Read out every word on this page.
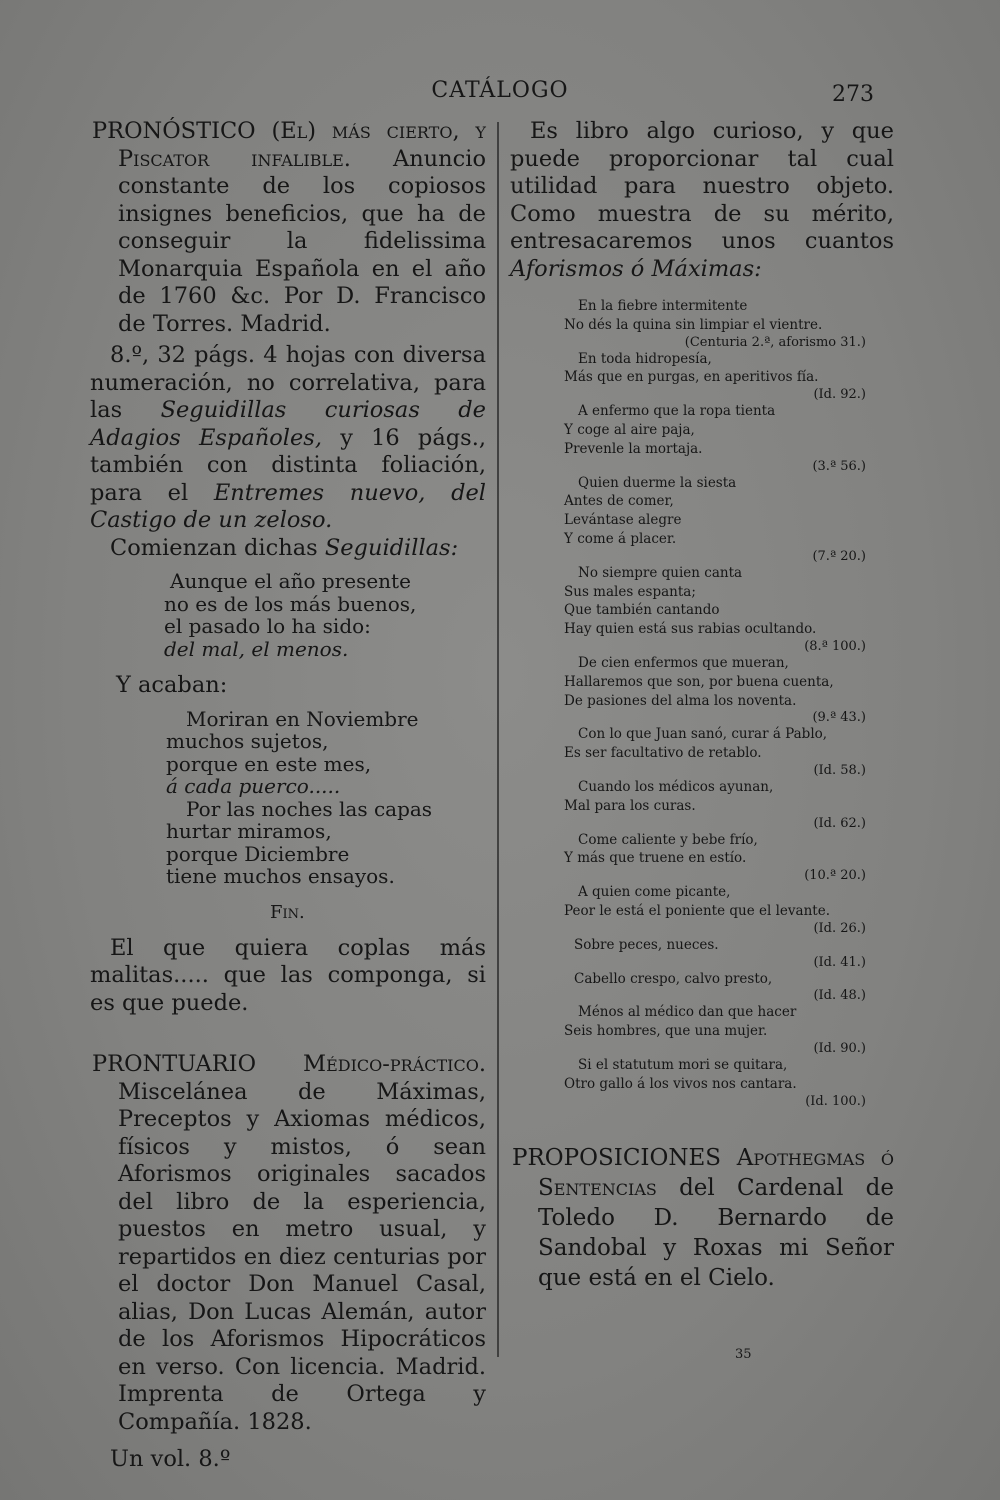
CATÁLOGO	273

PRONÓSTICO (El) más cierto, y Piscator infalible. Anuncio constante de los copiosos insignes beneficios, que ha de conseguir la fidelissima Monarquia Española en el año de 1760 &c. Por D. Francisco de Torres. Madrid.

8.º, 32 págs. 4 hojas con diversa numeración, no correlativa, para las Seguidillas curiosas de Adagios Españoles, y 16 págs., también con distinta foliación, para el Entremes nuevo, del Castigo de un zeloso.

Comienzan dichas Seguidillas:

Aunque el año presente
no es de los más buenos,
el pasado lo ha sido:
del mal, el menos.

Y acaban:

Moriran en Noviembre
muchos sujetos,
porque en este mes,
á cada puerco.....
Por las noches las capas
hurtar miramos,
porque Diciembre
tiene muchos ensayos.
Fin.

El que quiera coplas más malitas..... que las componga, si es que puede.

PRONTUARIO Médico-práctico. Miscelánea de Máximas, Preceptos y Axiomas médicos, físicos y mistos, ó sean Aforismos originales sacados del libro de la esperiencia, puestos en metro usual, y repartidos en diez centurias por el doctor Don Manuel Casal, alias, Don Lucas Alemán, autor de los Aforismos Hipocráticos en verso. Con licencia. Madrid. Imprenta de Ortega y Compañía. 1828.

Un vol. 8.º

Es libro algo curioso, y que puede proporcionar tal cual utilidad para nuestro objeto. Como muestra de su mérito, entresacaremos unos cuantos Aforismos ó Máximas:

En la fiebre intermitente
No dés la quina sin limpiar el vientre.
(Centuria 2.ª, aforismo 31.)
En toda hidropesía,
Más que en purgas, en aperitivos fía.
(Id. 92.)
A enfermo que la ropa tienta
Y coge al aire paja,
Prevenle la mortaja.
(3.ª 56.)
Quien duerme la siesta
Antes de comer,
Levántase alegre
Y come á placer.
(7.ª 20.)
No siempre quien canta
Sus males espanta;
Que también cantando
Hay quien está sus rabias ocultando.
(8.ª 100.)
De cien enfermos que mueran,
Hallaremos que son, por buena cuenta,
De pasiones del alma los noventa.
(9.ª 43.)
Con lo que Juan sanó, curar á Pablo,
Es ser facultativo de retablo.
(Id. 58.)
Cuando los médicos ayunan,
Mal para los curas.
(Id. 62.)
Come caliente y bebe frío,
Y más que truene en estío.
(10.ª 20.)
A quien come picante,
Peor le está el poniente que el levante.
(Id. 26.)
Sobre peces, nueces.
(Id. 41.)
Cabello crespo, calvo presto,
(Id. 48.)
Ménos al médico dan que hacer
Seis hombres, que una mujer.
(Id. 90.)
Si el statutum mori se quitara,
Otro gallo á los vivos nos cantara.
(Id. 100.)

PROPOSICIONES Apothegmas ó Sentencias del Cardenal de Toledo D. Bernardo de Sandobal y Roxas mi Señor que está en el Cielo.

35
